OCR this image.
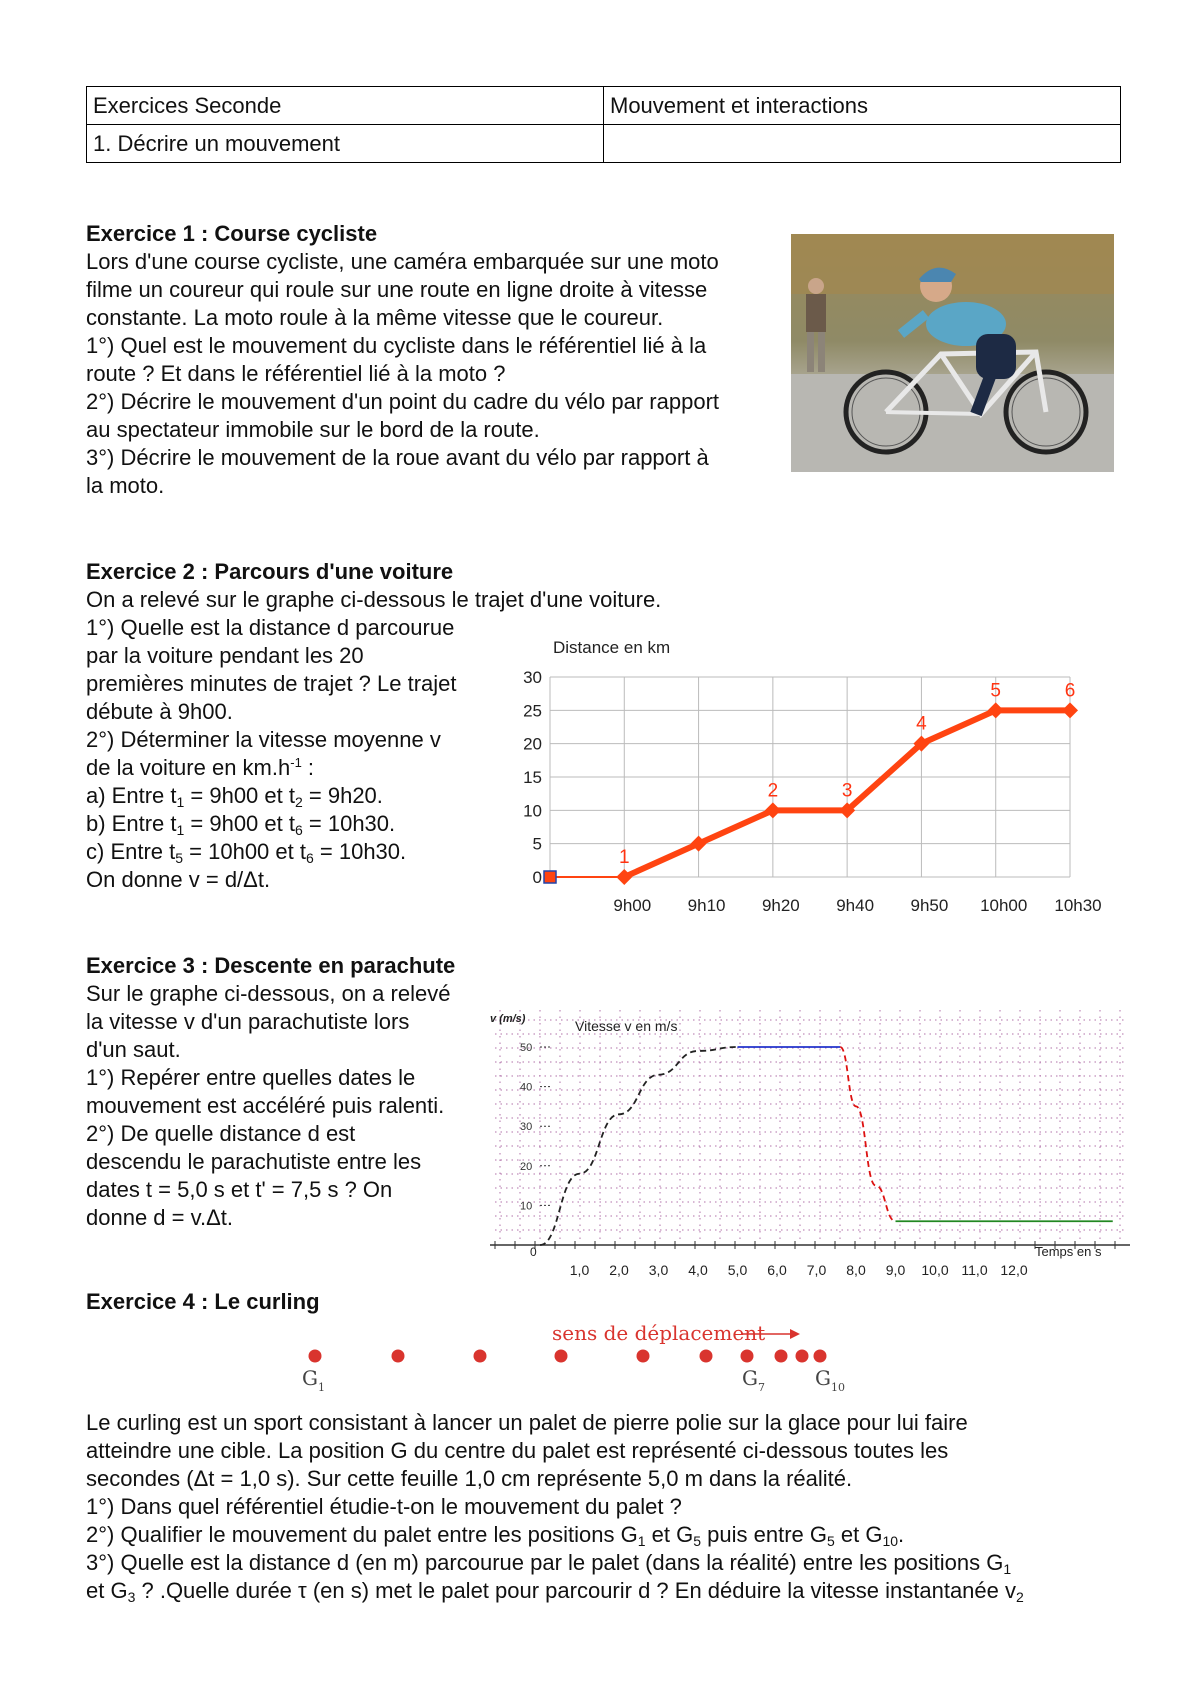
Exercices Seconde	Mouvement et interactions
1. Décrire un mouvement	
Exercice 1 : Course cycliste
Lors d'une course cycliste, une caméra embarquée sur une moto
filme un coureur qui roule sur une route en ligne droite à vitesse
constante. La moto roule à la même vitesse que le coureur.
1°) Quel est le mouvement du cycliste dans le référentiel lié à la
route ? Et dans le référentiel lié à la moto ?
2°) Décrire le mouvement d'un point du cadre du vélo par rapport
au spectateur immobile sur le bord de la route.
3°) Décrire le mouvement de la roue avant du vélo par rapport à
la moto.
Exercice 2 : Parcours d'une voiture
On a relevé sur le graphe ci-dessous le trajet d'une voiture.
1°) Quelle est la distance d parcourue
par la voiture pendant les 20
premières minutes de trajet ? Le trajet
débute à 9h00.
2°) Déterminer la vitesse moyenne v
de la voiture en $km.h^{-1}$ :
a) Entre $t_1 = 9h00$ et $t_2 = 9h20$.
b) Entre $t_1 = 9h00$ et $t_6 = 10h30$.
c) Entre $t_5 = 10h00$ et $t_6 = 10h30$.
On donne v = d/Δt.
Distance en km
0
5
10
15
20
25
30
9h00 9h10 9h20 9h40 9h50 10h00 10h30
1
2	3
4
5	6
Exercice 3 : Descente en parachute
Sur le graphe ci-dessous, on a relevé
la vitesse v d'un parachutiste lors
d'un saut.
1°) Repérer entre quelles dates le
mouvement est accéléré puis ralenti.
2°) De quelle distance d est
descendu le parachutiste entre les
dates t = 5,0 s et t' = 7,5 s ? On
donne d = v.Δt.
v (m/s)	Vitesse v en m/s
Temps en s
0
50
40
30
20
10
1,0 2,0 3,0 4,0 5,0 6,0 7,0 8,0 9,0 10,0 11,0 12,0
Exercice 4 : Le curling
sens de déplacement
$G_1$	$G_7$	$G_{10}$
Le curling est un sport consistant à lancer un palet de pierre polie sur la glace pour lui faire
atteindre une cible. La position G du centre du palet est représenté ci-dessous toutes les
secondes (Δt = 1,0 s). Sur cette feuille 1,0 cm représente 5,0 m dans la réalité.
1°) Dans quel référentiel étudie-t-on le mouvement du palet ?
2°) Qualifier le mouvement du palet entre les positions $G_1$ et $G_5$ puis entre $G_5$ et $G_{10}$.
3°) Quelle est la distance d (en m) parcourue par le palet (dans la réalité) entre les positions $G_1$
et $G_3$ ? .Quelle durée τ (en s) met le palet pour parcourir d ? En déduire la vitesse instantanée $v_2$
